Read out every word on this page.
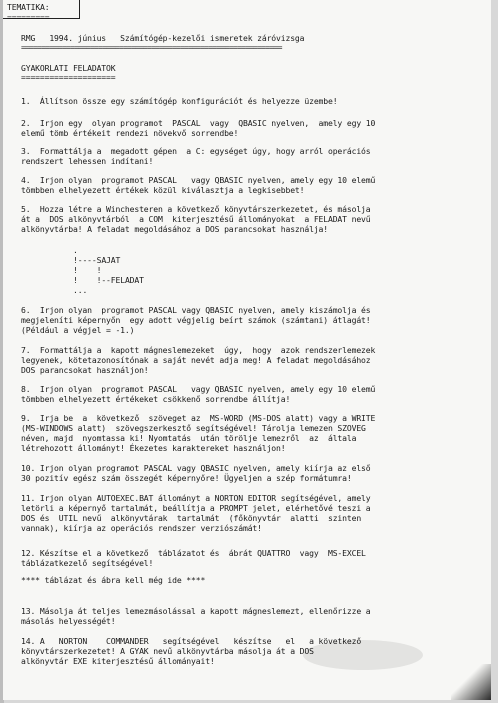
TEMATIKA:
=========
RMG   1994. június   Számítógép-kezelői ismeretek záróvizsga
================================================================
GYAKORLATI FELADATOK
====================
1.  Állítson össze egy számítógép konfigurációt és helyezze üzembe!
2.  Irjon egy  olyan programot  PASCAL  vagy  QBASIC nyelven,  amely egy 10
elemű tömb értékeit rendezi növekvő sorrendbe!
3.  Formattálja a  megadott gépen  a C: egységet úgy, hogy arról operációs
rendszert lehessen indítani!
4.  Irjon olyan  programot PASCAL   vagy QBASIC nyelven, amely egy 10 elemű
tömbben elhelyezett értékek közül kiválasztja a legkisebbet!
5.  Hozza létre a Winchesteren a következő könyvtárszerkezetet, és másolja
át a  DOS alkönyvtárból  a COM  kiterjesztésű állományokat  a FELADAT nevű
alkönyvtárba! A feladat megoldásához a DOS parancsokat használja!
.
!----SAJAT
!    !
!    !--FELADAT
...
6.  Irjon olyan  programot PASCAL vagy QBASIC nyelven, amely kiszámolja és
megjeleníti képernyőn  egy adott végjelig beírt számok (számtani) átlagát!
(Például a végjel = -1.)
7.  Formattálja a  kapott mágneslemezeket  úgy,  hogy  azok rendszerlemezek
legyenek, kötetazonosítónak a saját nevét adja meg! A feladat megoldásához
DOS parancsokat használjon!
8.  Irjon olyan  programot PASCAL   vagy QBASIC nyelven, amely egy 10 elemű
tömbben elhelyezett értékeket csökkenő sorrendbe állítja!
9.  Irja be  a  következő  szöveget az  MS-WORD (MS-DOS alatt) vagy a WRITE
(MS-WINDOWS alatt)  szövegszerkesztő segítségével! Tárolja lemezen SZOVEG
néven, majd  nyomtassa ki! Nyomtatás  után törölje lemezről  az  általa
létrehozott állományt! Ékezetes karaktereket használjon!
10. Irjon olyan programot PASCAL vagy QBASIC nyelven, amely kiírja az első
30 pozitív egész szám összegét képernyőre! Ügyeljen a szép formátumra!
11. Irjon olyan AUTOEXEC.BAT állományt a NORTON EDITOR segítségével, amely
letörli a képernyő tartalmát, beállítja a PROMPT jelet, elérhetővé teszi a
DOS és  UTIL nevű  alkönyvtárak  tartalmát  (főkönyvtár  alatti  szinten
vannak), kiírja az operációs rendszer verziószámát!
12. Készítse el a következő  táblázatot és  ábrát QUATTRO  vagy  MS-EXCEL
táblázatkezelő segítségével!
**** táblázat és ábra kell még ide ****
13. Másolja át teljes lemezmásolással a kapott mágneslemezt, ellenőrizze a
másolás helyességét!
14. A   NORTON    COMMANDER   segítségével   készítse   el   a következő
könyvtárszerkezetet! A GYAK nevű alkönyvtárba másolja át a DOS
alkönyvtár EXE kiterjesztésű állományait!
